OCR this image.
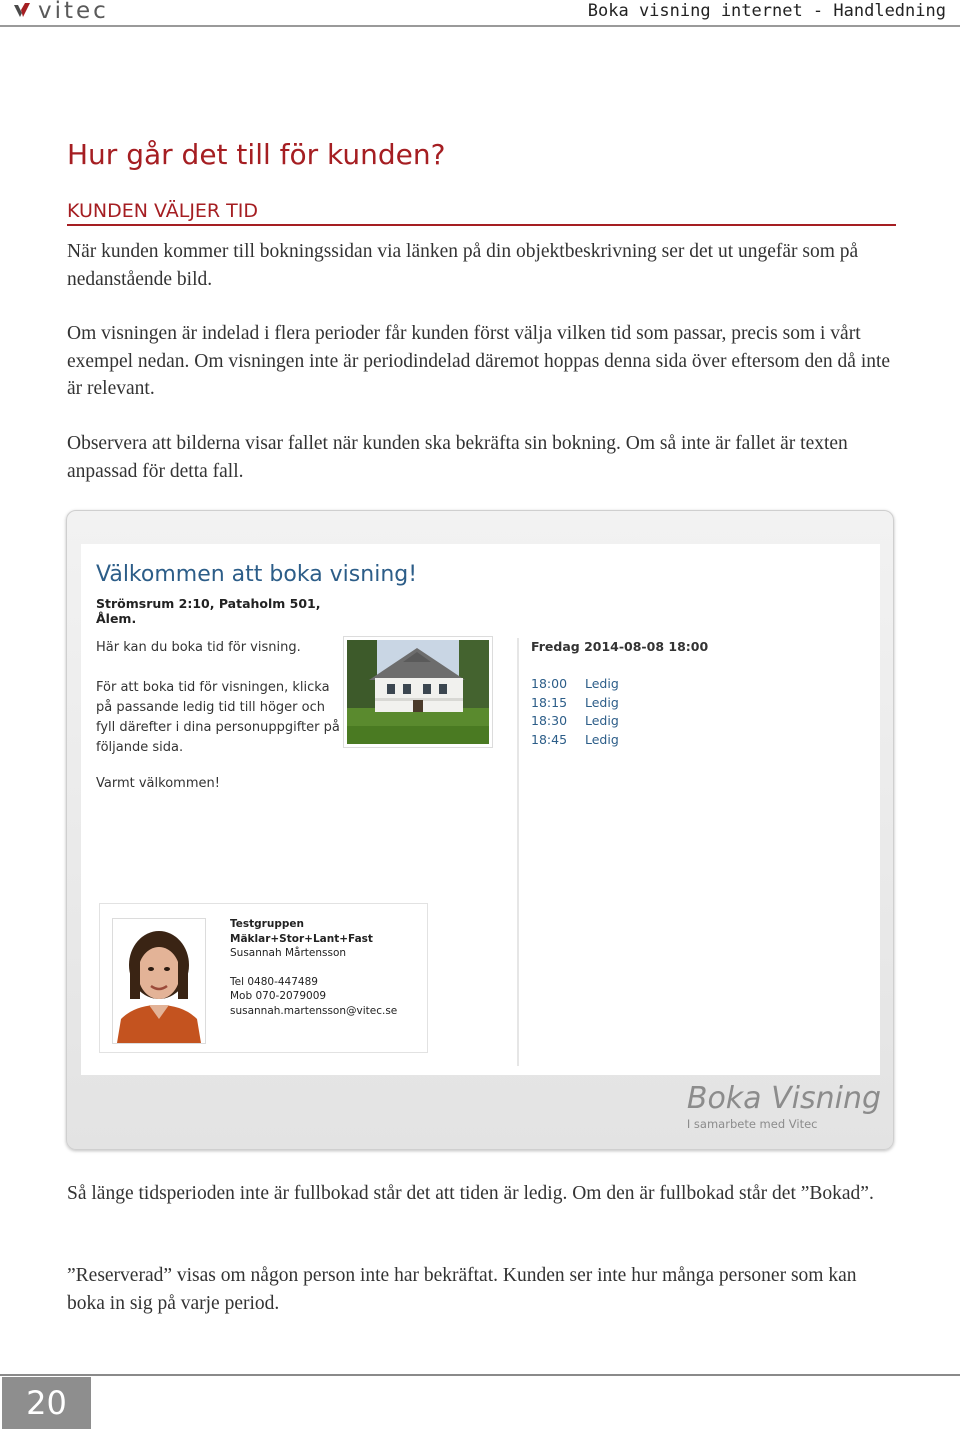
vitec	Boka visning internet - Handledning
Hur går det till för kunden?
KUNDEN VÄLJER TID

När kunden kommer till bokningssidan via länken på din objektbeskrivning ser det ut ungefär som på nedanstående bild.

Om visningen är indelad i flera perioder får kunden först välja vilken tid som passar, precis som i vårt exempel nedan. Om visningen inte är periodindelad däremot hoppas denna sida över eftersom den då inte är relevant.

Observera att bilderna visar fallet när kunden ska bekräfta sin bokning. Om så inte är fallet är texten anpassad för detta fall.

Välkommen att boka visning!
Strömsrum 2:10, Pataholm 501, Ålem.
Här kan du boka tid för visning.
För att boka tid för visningen, klicka på passande ledig tid till höger och fyll därefter i dina personuppgifter på följande sida.
Varmt välkommen!
Fredag 2014-08-08 18:00
18:00	Ledig
18:15	Ledig
18:30	Ledig
18:45	Ledig
Testgruppen
Mäklar+Stor+Lant+Fast
Susannah Mårtensson
Tel 0480-447489
Mob 070-2079009
susannah.martensson@vitec.se
Boka Visning
I samarbete med Vitec

Så länge tidsperioden inte är fullbokad står det att tiden är ledig. Om den är fullbokad står det ”Bokad”.

”Reserverad” visas om någon person inte har bekräftat. Kunden ser inte hur många personer som kan boka in sig på varje period.

20
